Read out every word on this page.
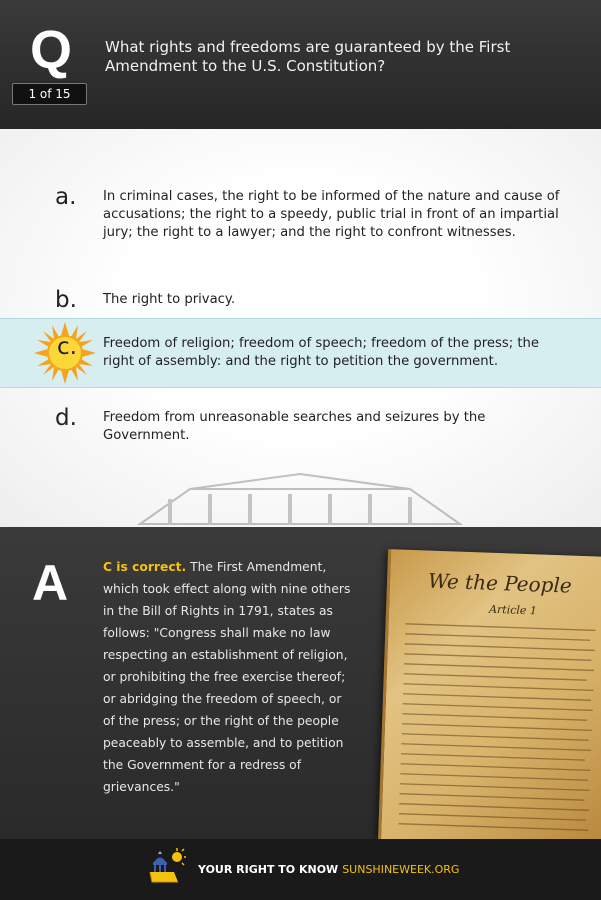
Q
1 of 15
What rights and freedoms are guaranteed by the First Amendment to the U.S. Constitution?
a.	In criminal cases, the right to be informed of the nature and cause of accusations; the right to a speedy, public trial in front of an impartial jury; the right to a lawyer; and the right to confront witnesses.
b.	The right to privacy.
c.	Freedom of religion; freedom of speech; freedom of the press; the right of assembly: and the right to petition the government.
d.	Freedom from unreasonable searches and seizures by the Government.
A	C is correct. The First Amendment, which took effect along with nine others in the Bill of Rights in 1791, states as follows: "Congress shall make no law respecting an establishment of religion, or prohibiting the free exercise thereof; or abridging the freedom of speech, or of the press; or the right of the people peaceably to assemble, and to petition the Government for a redress of grievances."
We the People
Article 1
YOUR RIGHT TO KNOW SUNSHINEWEEK.ORG
